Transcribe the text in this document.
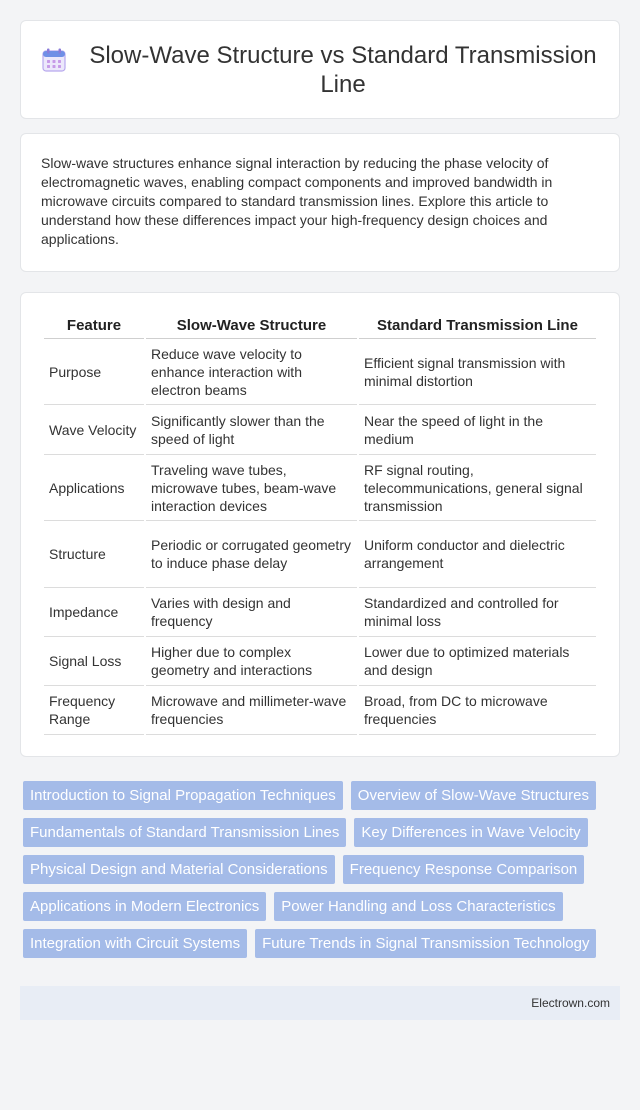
Slow-Wave Structure vs Standard Transmission Line

Slow-wave structures enhance signal interaction by reducing the phase velocity of electromagnetic waves, enabling compact components and improved bandwidth in microwave circuits compared to standard transmission lines. Explore this article to understand how these differences impact your high-frequency design choices and applications.

Feature	Slow-Wave Structure	Standard Transmission Line
Purpose	Reduce wave velocity to enhance interaction with electron beams	Efficient signal transmission with minimal distortion
Wave Velocity	Significantly slower than the speed of light	Near the speed of light in the medium
Applications	Traveling wave tubes, microwave tubes, beam-wave interaction devices	RF signal routing, telecommunications, general signal transmission
Structure	Periodic or corrugated geometry to induce phase delay	Uniform conductor and dielectric arrangement
Impedance	Varies with design and frequency	Standardized and controlled for minimal loss
Signal Loss	Higher due to complex geometry and interactions	Lower due to optimized materials and design
Frequency Range	Microwave and millimeter-wave frequencies	Broad, from DC to microwave frequencies
Introduction to Signal Propagation Techniques	Overview of Slow-Wave Structures
Fundamentals of Standard Transmission Lines	Key Differences in Wave Velocity
Physical Design and Material Considerations	Frequency Response Comparison
Applications in Modern Electronics	Power Handling and Loss Characteristics
Integration with Circuit Systems	Future Trends in Signal Transmission Technology
Electrown.com
